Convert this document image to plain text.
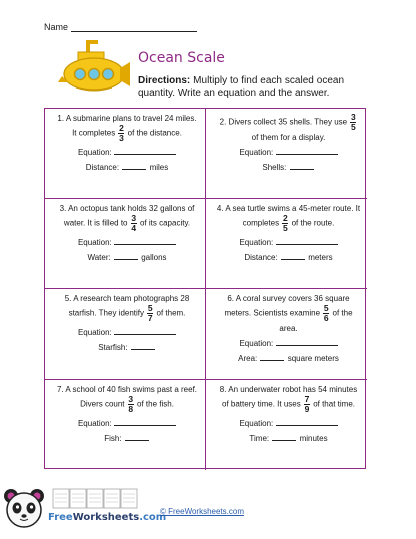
Name
Ocean Scale
Directions: Multiply to find each scaled ocean quantity. Write an equation and the answer.
1. A submarine plans to travel 24 miles. It completes $\frac{2}{3}$ of the distance.
Equation:
Distance:	miles
2. Divers collect 35 shells. They use $\frac{3}{5}$
of them for a display.
Equation:
Shells:
3. An octopus tank holds 32 gallons of water. It is filled to $\frac{3}{4}$ of its capacity.
Equation:
Water:	gallons
4. A sea turtle swims a 45-meter route. It completes $\frac{2}{5}$ of the route.
Equation:
Distance:	meters
5. A research team photographs 28 starfish. They identify $\frac{5}{7}$ of them.
Equation:
Starfish:
6. A coral survey covers 36 square meters. Scientists examine $\frac{5}{6}$ of the area.
Equation:
Area:	square meters
7. A school of 40 fish swims past a reef. Divers count $\frac{3}{8}$ of the fish.
Equation:
Fish:
8. An underwater robot has 54 minutes of battery time. It uses $\frac{7}{9}$ of that time.
Equation:
Time:	minutes
FreeWorksheets.com
© FreeWorksheets.com
